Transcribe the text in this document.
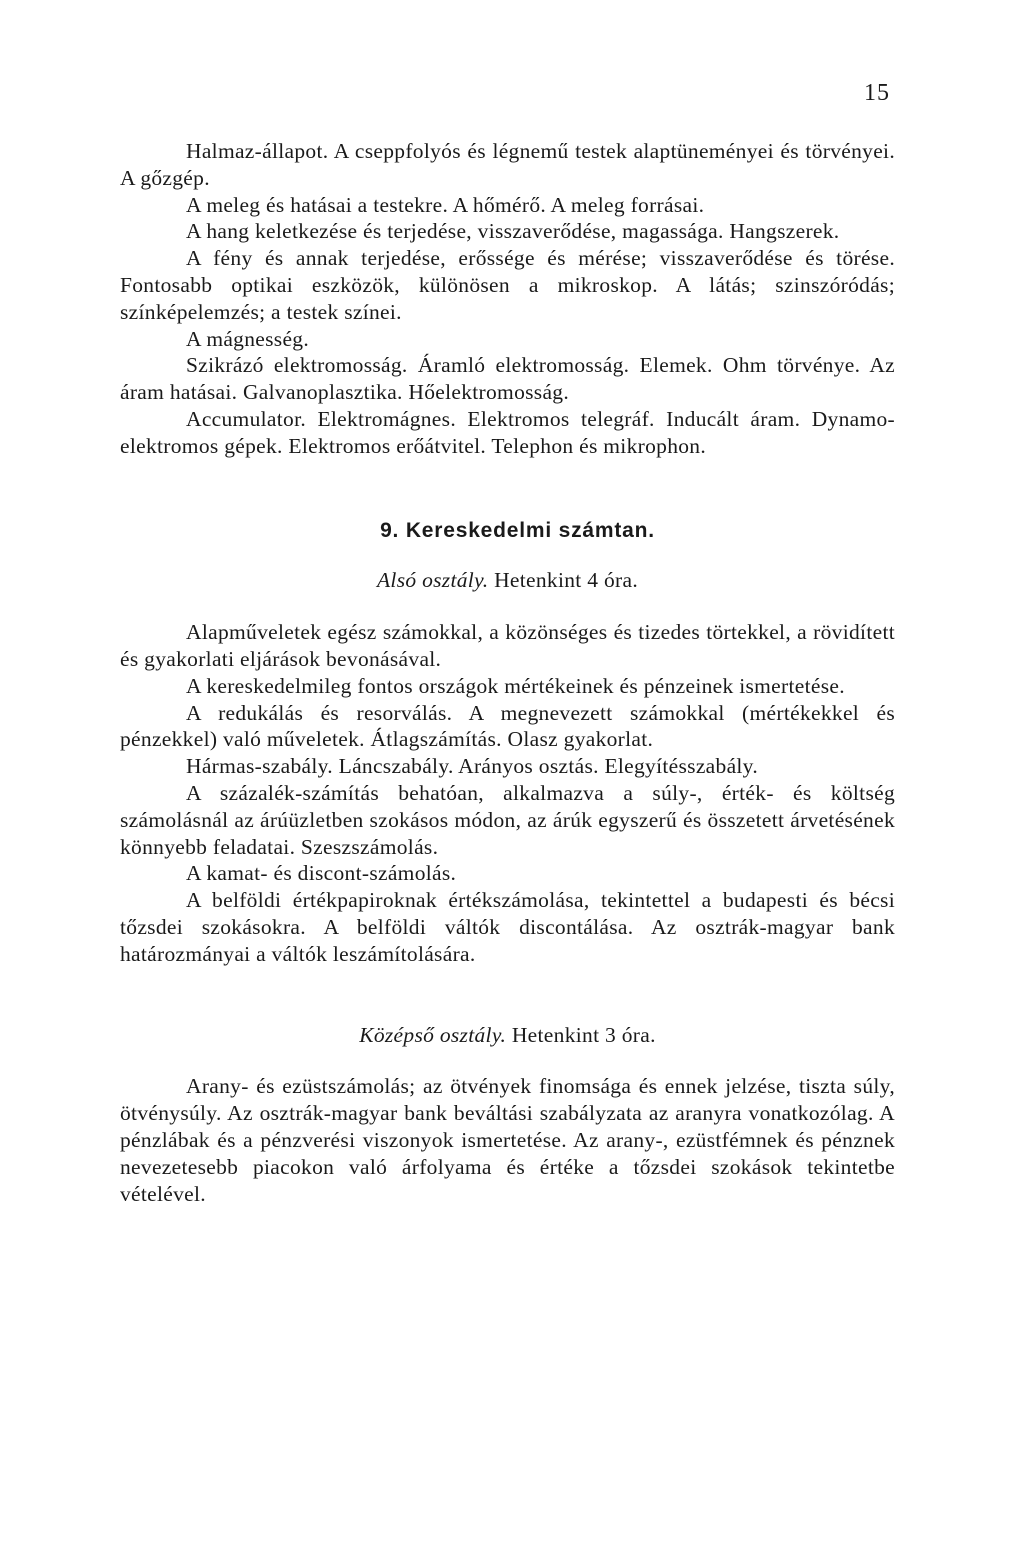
15

Halmaz-állapot. A cseppfolyós és légnemű testek alaptüneményei és törvényei. A gőzgép.

A meleg és hatásai a testekre. A hőmérő. A meleg forrásai.

A hang keletkezése és terjedése, visszaverődése, magassága. Hangszerek.

A fény és annak terjedése, erőssége és mérése; visszaverődése és törése. Fontosabb optikai eszközök, különösen a mikroskop. A látás; szinszóródás; színképelemzés; a testek színei.

A mágnesség.

Szikrázó elektromosság. Áramló elektromosság. Elemek. Ohm törvénye. Az áram hatásai. Galvanoplasztika. Hőelektromosság.

Accumulator. Elektromágnes. Elektromos telegráf. Inducált áram. Dynamo-elektromos gépek. Elektromos erőátvitel. Telephon és mikrophon.

9. Kereskedelmi számtan.
Alsó osztály. Hetenkint 4 óra.

Alapműveletek egész számokkal, a közönséges és tizedes törtekkel, a rövidített és gyakorlati eljárások bevonásával.

A kereskedelmileg fontos országok mértékeinek és pénzeinek ismertetése.

A redukálás és resorválás. A megnevezett számokkal (mértékekkel és pénzekkel) való műveletek. Átlagszámítás. Olasz gyakorlat.

Hármas-szabály. Láncszabály. Arányos osztás. Elegyítésszabály.

A százalék-számítás behatóan, alkalmazva a súly-, érték- és költség számolásnál az árúüzletben szokásos módon, az árúk egyszerű és összetett árvetésének könnyebb feladatai. Szeszszámolás.

A kamat- és discont-számolás.

A belföldi értékpapiroknak értékszámolása, tekintettel a budapesti és bécsi tőzsdei szokásokra. A belföldi váltók discontálása. Az osztrák-magyar bank határozmányai a váltók leszámítolására.

Középső osztály. Hetenkint 3 óra.

Arany- és ezüstszámolás; az ötvények finomsága és ennek jelzése, tiszta súly, ötvénysúly. Az osztrák-magyar bank beváltási szabályzata az aranyra vonatkozólag. A pénzlábak és a pénzverési viszonyok ismertetése. Az arany-, ezüstfémnek és pénznek nevezetesebb piacokon való árfolyama és értéke a tőzsdei szokások tekintetbe vételével.
